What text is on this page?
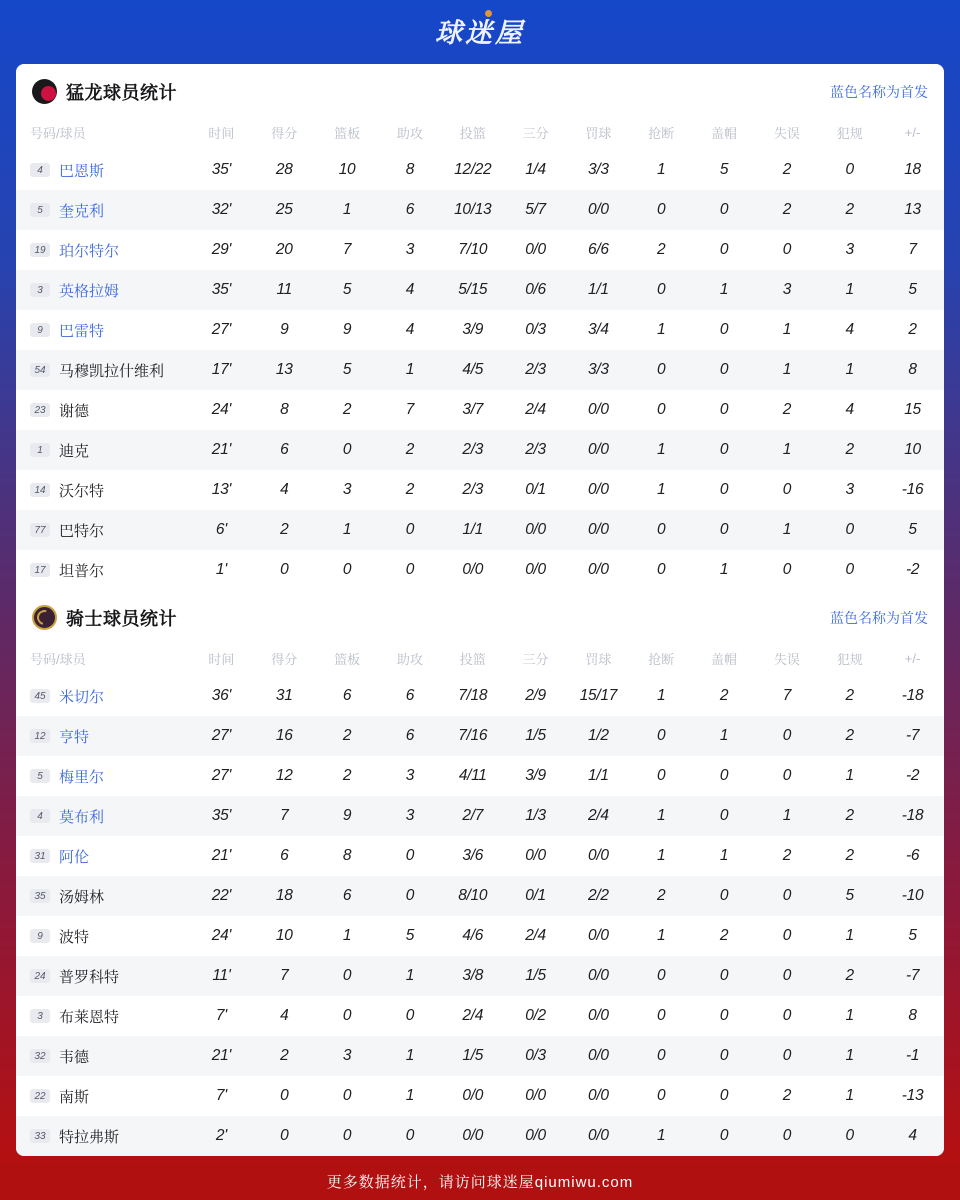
球迷屋
猛龙球员统计	蓝色名称为首发
号码/球员	时间	得分	篮板	助攻	投篮	三分	罚球	抢断	盖帽	失误	犯规	+/-
4 巴恩斯	35'	28	10	8	12/22	1/4	3/3	1	5	2	0	18
5 奎克利	32'	25	1	6	10/13	5/7	0/0	0	0	2	2	13
19 珀尔特尔	29'	20	7	3	7/10	0/0	6/6	2	0	0	3	7
3 英格拉姆	35'	11	5	4	5/15	0/6	1/1	0	1	3	1	5
9 巴雷特	27'	9	9	4	3/9	0/3	3/4	1	0	1	4	2
54 马穆凯拉什维利	17'	13	5	1	4/5	2/3	3/3	0	0	1	1	8
23 谢德	24'	8	2	7	3/7	2/4	0/0	0	0	2	4	15
1 迪克	21'	6	0	2	2/3	2/3	0/0	1	0	1	2	10
14 沃尔特	13'	4	3	2	2/3	0/1	0/0	1	0	0	3	-16
77 巴特尔	6'	2	1	0	1/1	0/0	0/0	0	0	1	0	5
17 坦普尔	1'	0	0	0	0/0	0/0	0/0	0	1	0	0	-2
骑士球员统计	蓝色名称为首发
号码/球员	时间	得分	篮板	助攻	投篮	三分	罚球	抢断	盖帽	失误	犯规	+/-
45 米切尔	36'	31	6	6	7/18	2/9	15/17	1	2	7	2	-18
12 亨特	27'	16	2	6	7/16	1/5	1/2	0	1	0	2	-7
5 梅里尔	27'	12	2	3	4/11	3/9	1/1	0	0	0	1	-2
4 莫布利	35'	7	9	3	2/7	1/3	2/4	1	0	1	2	-18
31 阿伦	21'	6	8	0	3/6	0/0	0/0	1	1	2	2	-6
35 汤姆林	22'	18	6	0	8/10	0/1	2/2	2	0	0	5	-10
9 波特	24'	10	1	5	4/6	2/4	0/0	1	2	0	1	5
24 普罗科特	11'	7	0	1	3/8	1/5	0/0	0	0	0	2	-7
3 布莱恩特	7'	4	0	0	2/4	0/2	0/0	0	0	0	1	8
32 韦德	21'	2	3	1	1/5	0/3	0/0	0	0	0	1	-1
22 南斯	7'	0	0	1	0/0	0/0	0/0	0	0	2	1	-13
33 特拉弗斯	2'	0	0	0	0/0	0/0	0/0	1	0	0	0	4
更多数据统计，请访问球迷屋qiumiwu.com
